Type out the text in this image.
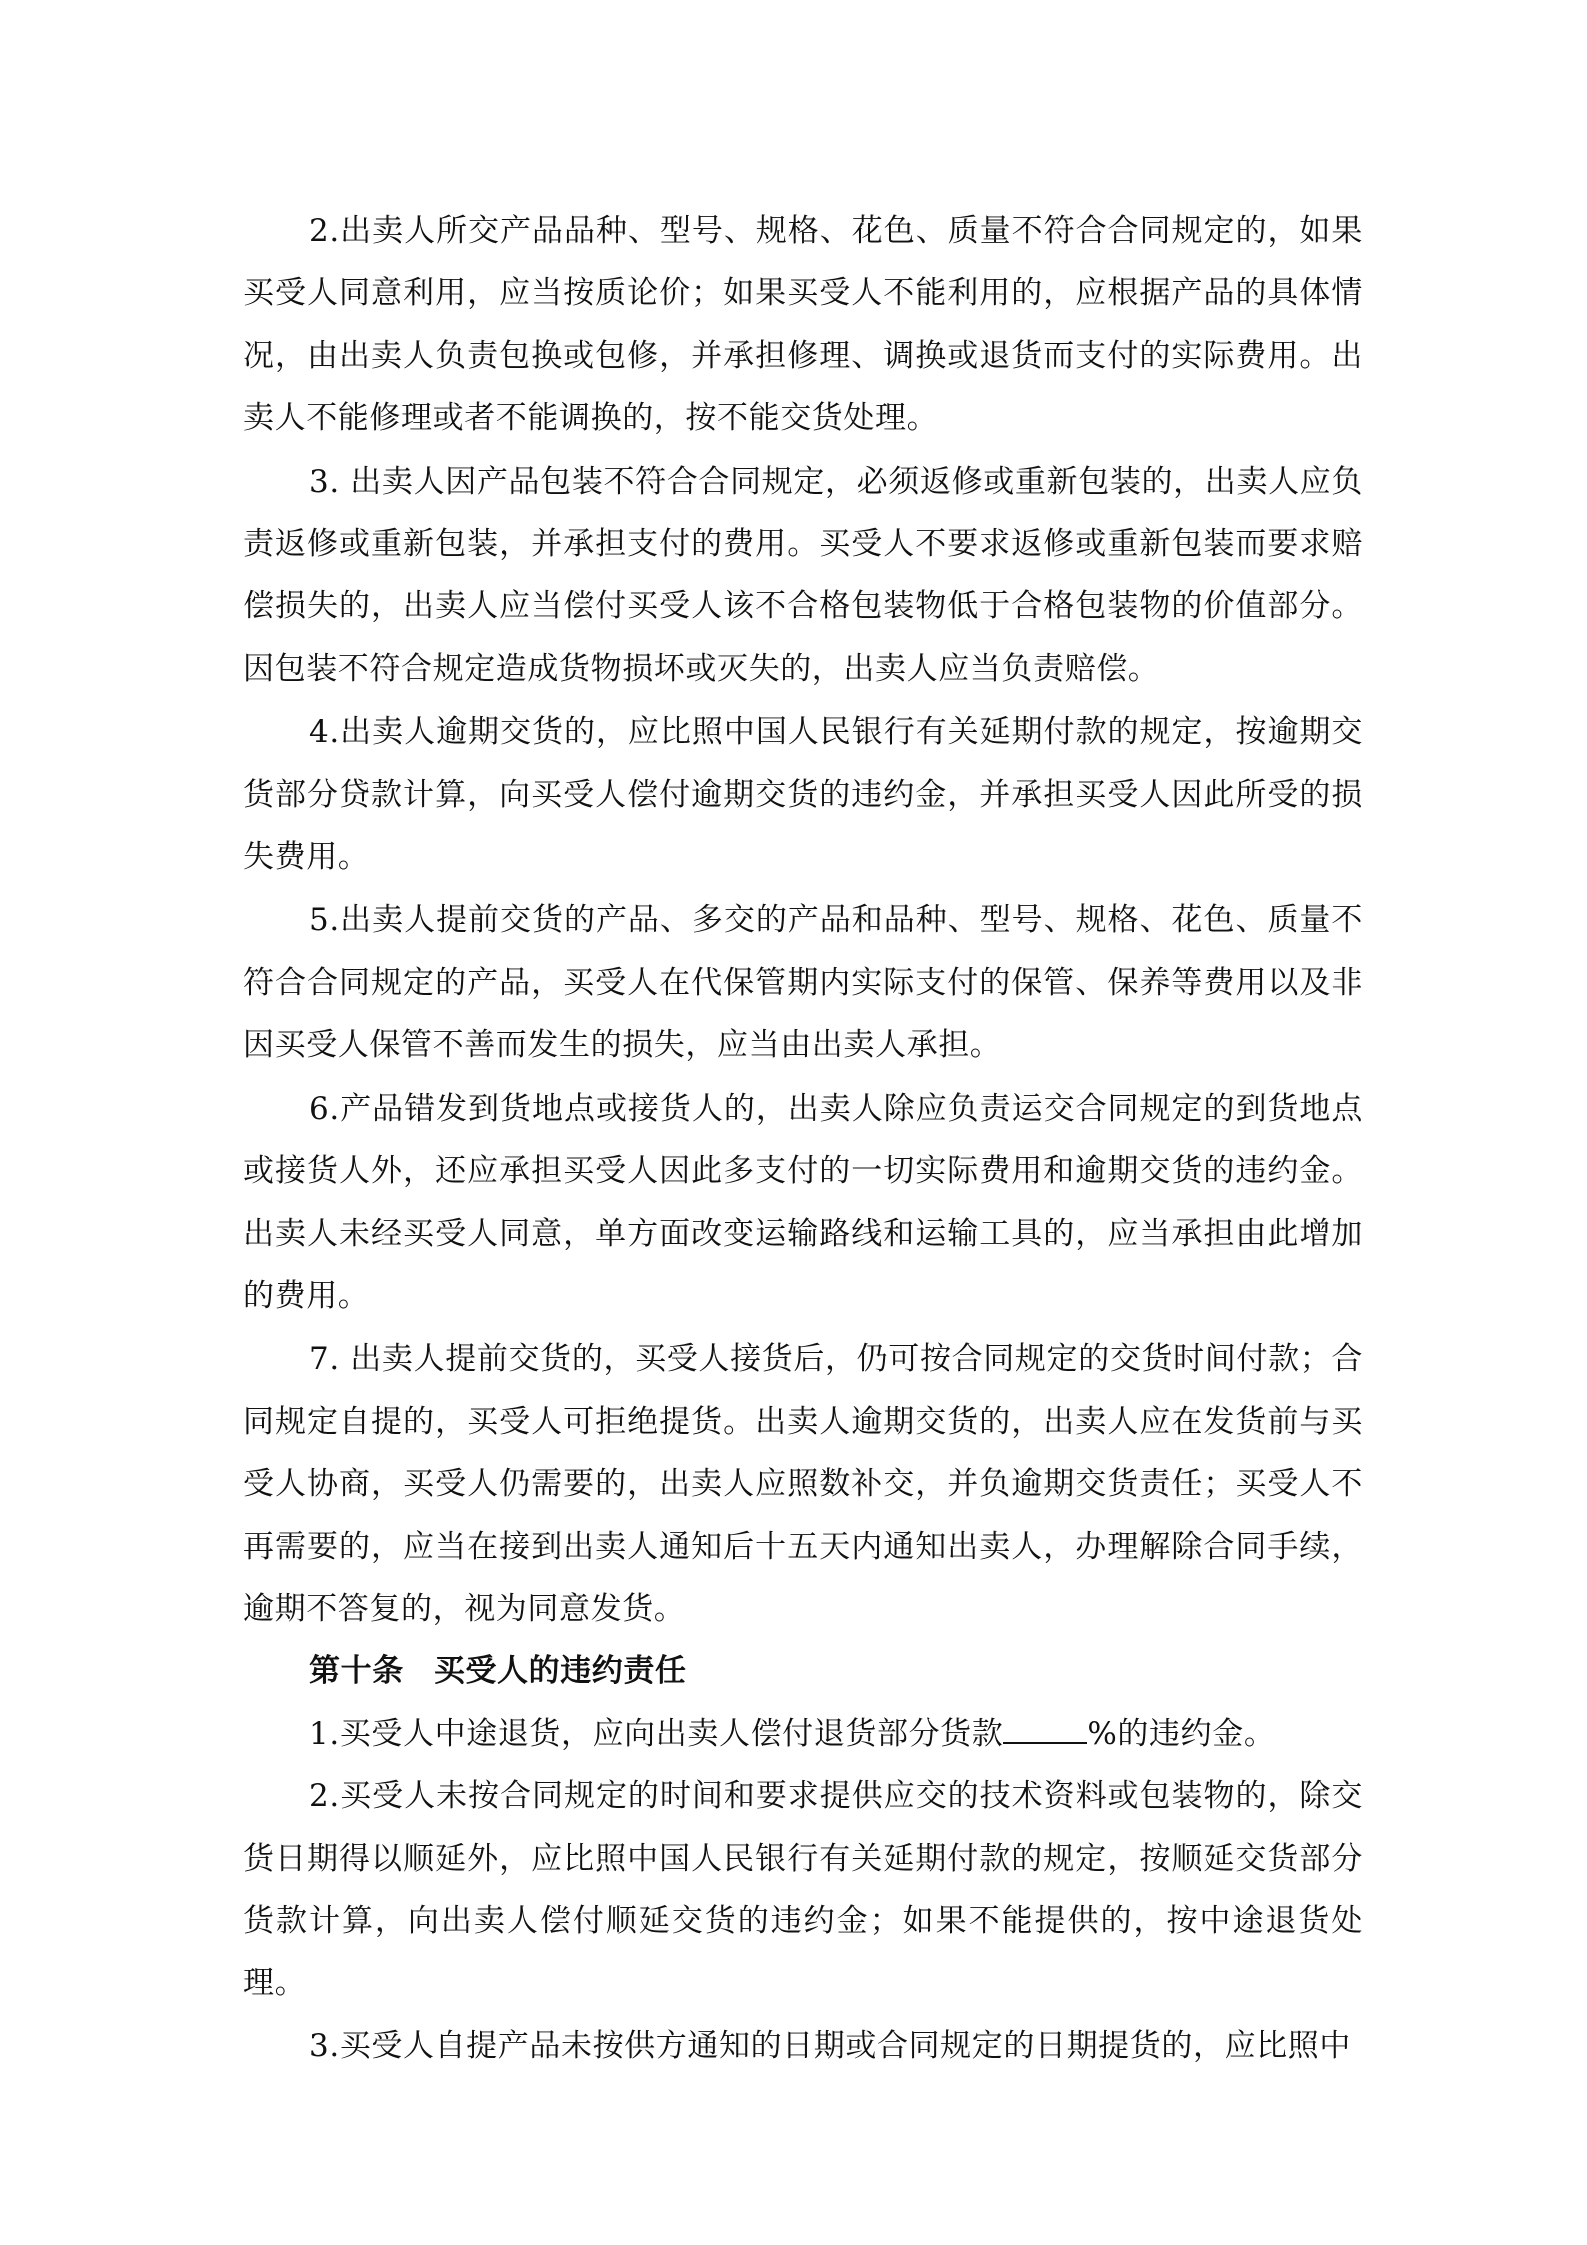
2.出卖人所交产品品种、型号、规格、花色、质量不符合合同规定的，如果买受人同意利用，应当按质论价；如果买受人不能利用的，应根据产品的具体情况，由出卖人负责包换或包修，并承担修理、调换或退货而支付的实际费用。出卖人不能修理或者不能调换的，按不能交货处理。

3. 出卖人因产品包装不符合合同规定，必须返修或重新包装的，出卖人应负责返修或重新包装，并承担支付的费用。买受人不要求返修或重新包装而要求赔偿损失的，出卖人应当偿付买受人该不合格包装物低于合格包装物的价值部分。因包装不符合规定造成货物损坏或灭失的，出卖人应当负责赔偿。

4.出卖人逾期交货的，应比照中国人民银行有关延期付款的规定，按逾期交货部分贷款计算，向买受人偿付逾期交货的违约金，并承担买受人因此所受的损失费用。

5.出卖人提前交货的产品、多交的产品和品种、型号、规格、花色、质量不符合合同规定的产品，买受人在代保管期内实际支付的保管、保养等费用以及非因买受人保管不善而发生的损失，应当由出卖人承担。

6.产品错发到货地点或接货人的，出卖人除应负责运交合同规定的到货地点或接货人外，还应承担买受人因此多支付的一切实际费用和逾期交货的违约金。出卖人未经买受人同意，单方面改变运输路线和运输工具的，应当承担由此增加的费用。

7. 出卖人提前交货的，买受人接货后，仍可按合同规定的交货时间付款；合同规定自提的，买受人可拒绝提货。出卖人逾期交货的，出卖人应在发货前与买受人协商，买受人仍需要的，出卖人应照数补交，并负逾期交货责任；买受人不再需要的，应当在接到出卖人通知后十五天内通知出卖人，办理解除合同手续，逾期不答复的，视为同意发货。

第十条 买受人的违约责任

1.买受人中途退货，应向出卖人偿付退货部分货款	%的违约金。

2.买受人未按合同规定的时间和要求提供应交的技术资料或包装物的，除交货日期得以顺延外，应比照中国人民银行有关延期付款的规定，按顺延交货部分货款计算，向出卖人偿付顺延交货的违约金；如果不能提供的，按中途退货处理。

3.买受人自提产品未按供方通知的日期或合同规定的日期提货的，应比照中
